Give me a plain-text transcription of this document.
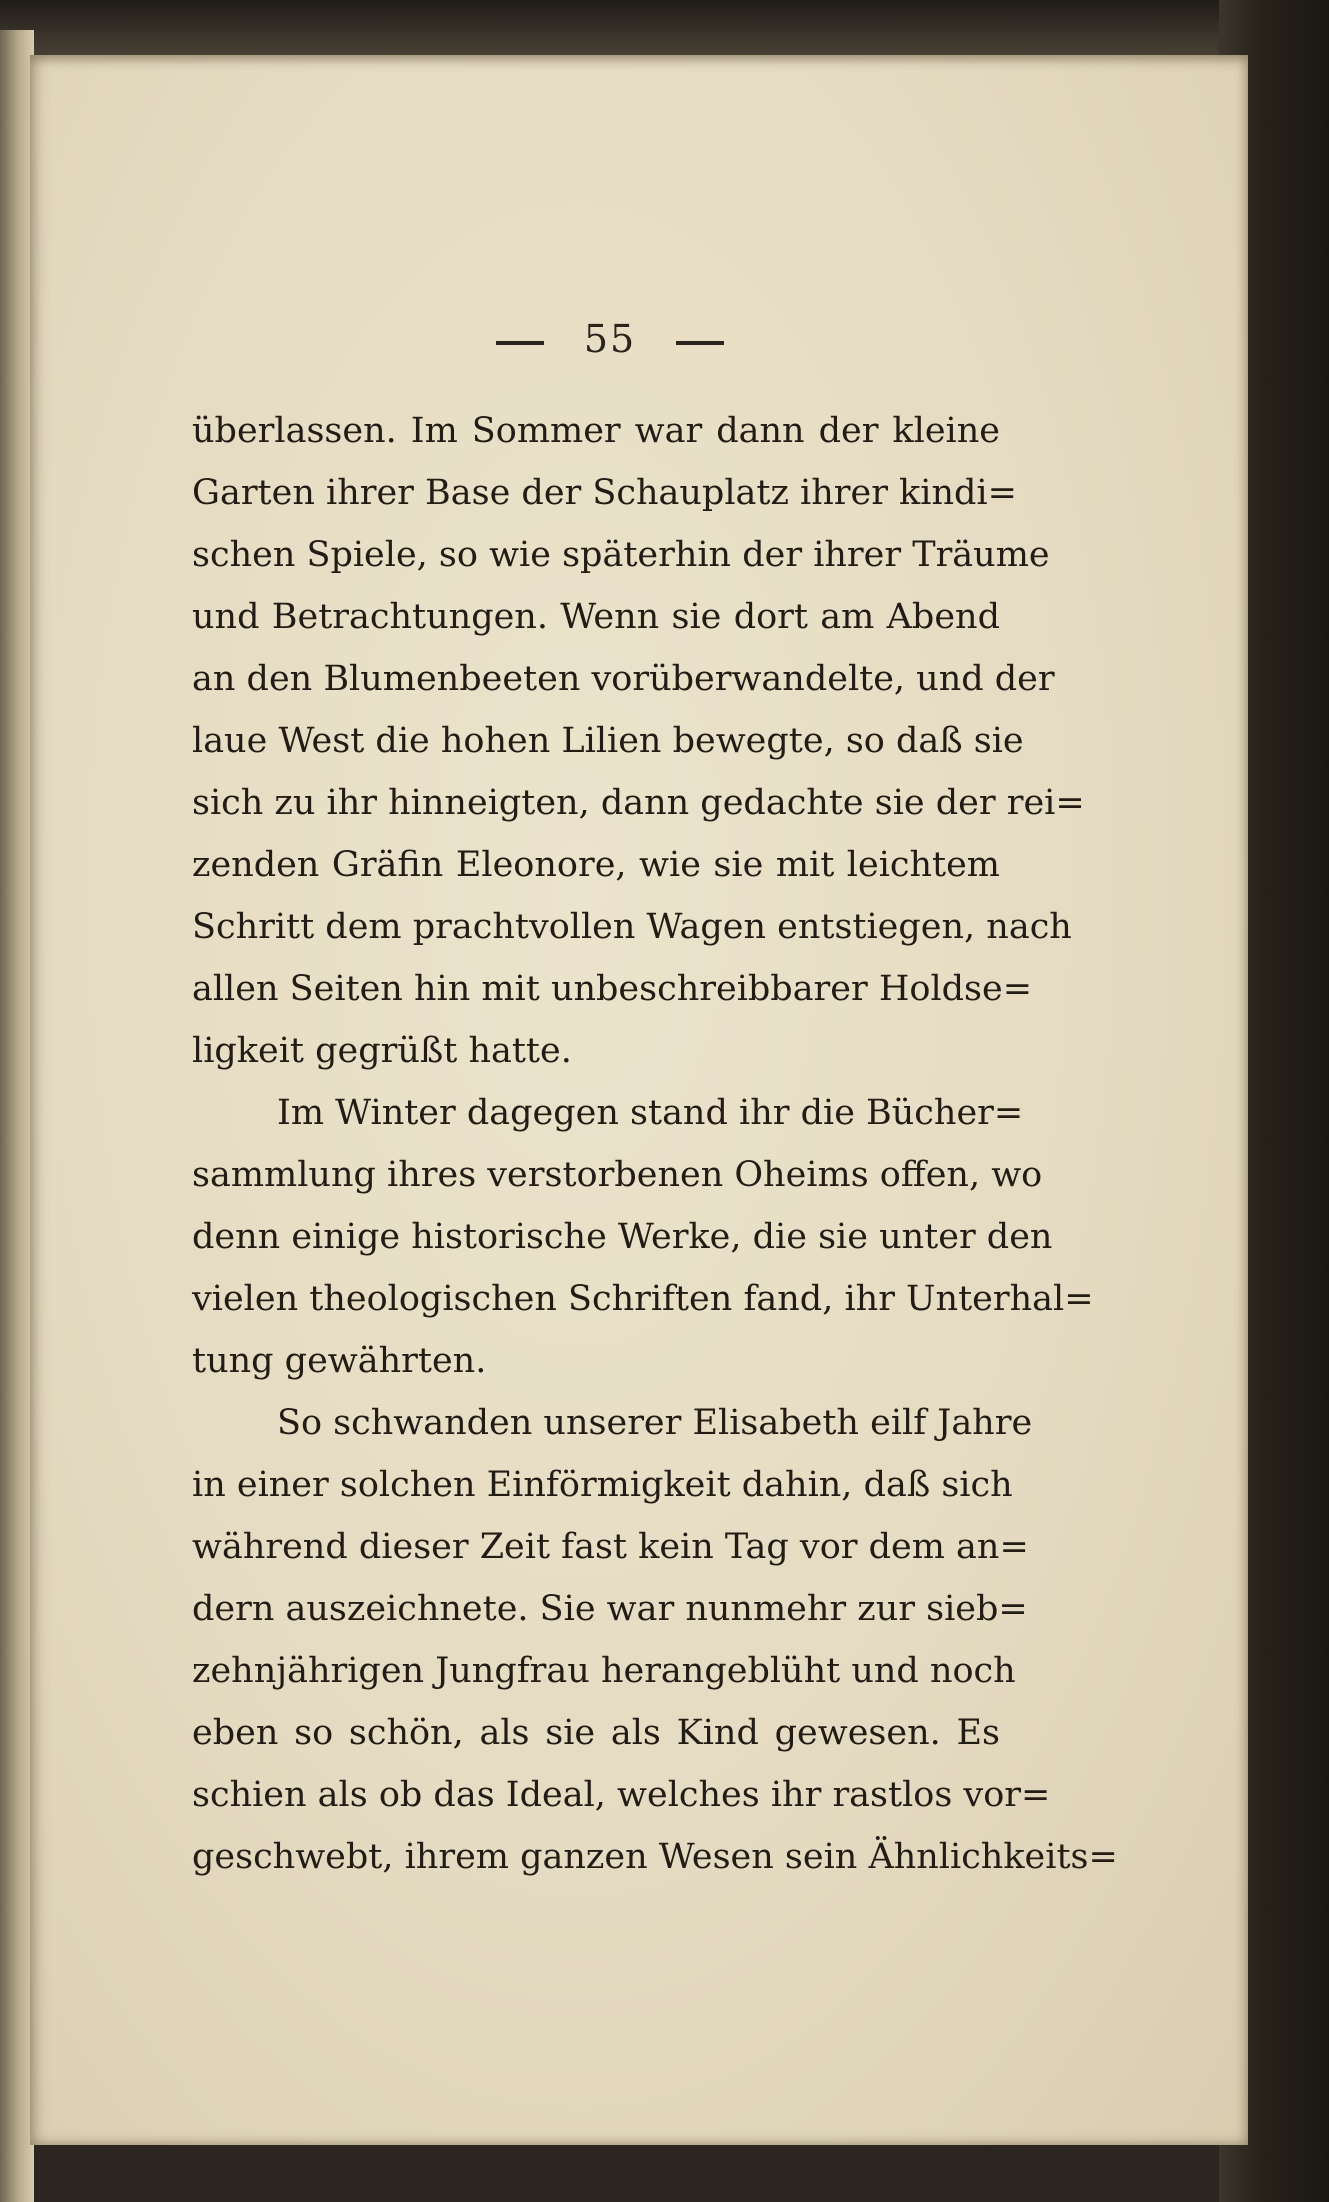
55
überlassen. Im Sommer war dann der kleine
Garten ihrer Base der Schauplatz ihrer kindi=
schen Spiele, so wie späterhin der ihrer Träume
und Betrachtungen. Wenn sie dort am Abend
an den Blumenbeeten vorüberwandelte, und der
laue West die hohen Lilien bewegte, so daß sie
sich zu ihr hinneigten, dann gedachte sie der rei=
zenden Gräfin Eleonore, wie sie mit leichtem
Schritt dem prachtvollen Wagen entstiegen, nach
allen Seiten hin mit unbeschreibbarer Holdse=
ligkeit gegrüßt hatte.
Im Winter dagegen stand ihr die Bücher=
sammlung ihres verstorbenen Oheims offen, wo
denn einige historische Werke, die sie unter den
vielen theologischen Schriften fand, ihr Unterhal=
tung gewährten.
So schwanden unserer Elisabeth eilf Jahre
in einer solchen Einförmigkeit dahin, daß sich
während dieser Zeit fast kein Tag vor dem an=
dern auszeichnete. Sie war nunmehr zur sieb=
zehnjährigen Jungfrau herangeblüht und noch
eben so schön, als sie als Kind gewesen. Es
schien als ob das Ideal, welches ihr rastlos vor=
geschwebt, ihrem ganzen Wesen sein Ähnlichkeits=
